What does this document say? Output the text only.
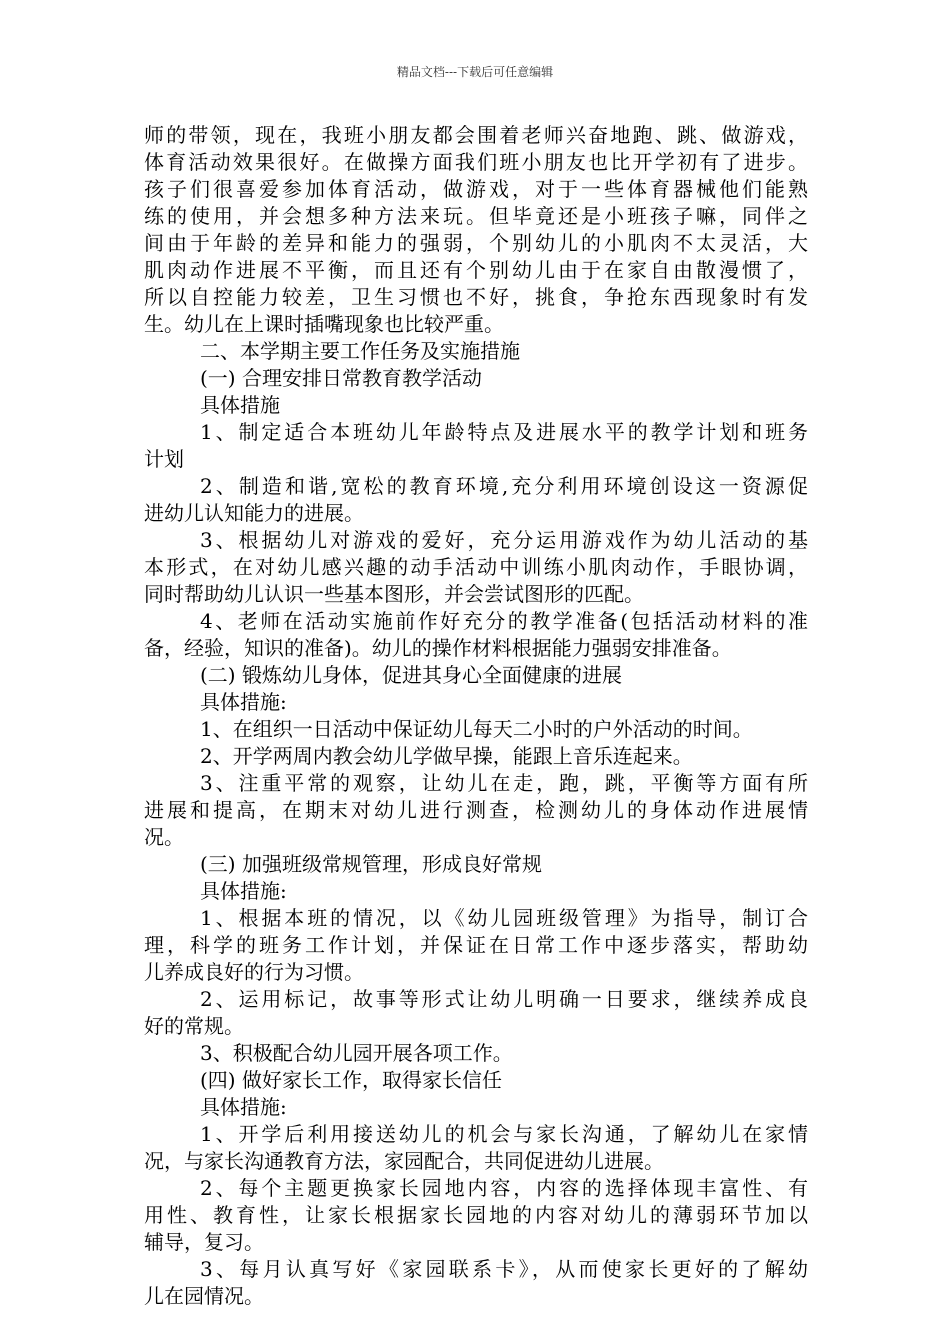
精品文档---下载后可任意编辑
师的带领，现在，我班小朋友都会围着老师兴奋地跑、跳、做游戏，
体育活动效果很好。在做操方面我们班小朋友也比开学初有了进步。
孩子们很喜爱参加体育活动，做游戏，对于一些体育器械他们能熟
练的使用，并会想多种方法来玩。但毕竟还是小班孩子嘛，同伴之
间由于年龄的差异和能力的强弱，个别幼儿的小肌肉不太灵活，大
肌肉动作进展不平衡，而且还有个别幼儿由于在家自由散漫惯了，
所以自控能力较差，卫生习惯也不好，挑食，争抢东西现象时有发
生。幼儿在上课时插嘴现象也比较严重。
二、本学期主要工作任务及实施措施
(一) 合理安排日常教育教学活动
具体措施
1、制定适合本班幼儿年龄特点及进展水平的教学计划和班务
计划
2、制造和谐,宽松的教育环境,充分利用环境创设这一资源促
进幼儿认知能力的进展。
3、根据幼儿对游戏的爱好，充分运用游戏作为幼儿活动的基
本形式，在对幼儿感兴趣的动手活动中训练小肌肉动作，手眼协调，
同时帮助幼儿认识一些基本图形，并会尝试图形的匹配。
4、老师在活动实施前作好充分的教学准备(包括活动材料的准
备，经验，知识的准备)。幼儿的操作材料根据能力强弱安排准备。
(二) 锻炼幼儿身体，促进其身心全面健康的进展
具体措施:
1、在组织一日活动中保证幼儿每天二小时的户外活动的时间。
2、开学两周内教会幼儿学做早操，能跟上音乐连起来。
3、注重平常的观察，让幼儿在走，跑，跳，平衡等方面有所
进展和提高，在期末对幼儿进行测查，检测幼儿的身体动作进展情
况。
(三) 加强班级常规管理，形成良好常规
具体措施:
1、根据本班的情况，以《幼儿园班级管理》为指导，制订合
理，科学的班务工作计划，并保证在日常工作中逐步落实，帮助幼
儿养成良好的行为习惯。
2、运用标记，故事等形式让幼儿明确一日要求，继续养成良
好的常规。
3、积极配合幼儿园开展各项工作。
(四) 做好家长工作，取得家长信任
具体措施:
1、开学后利用接送幼儿的机会与家长沟通，了解幼儿在家情
况，与家长沟通教育方法，家园配合，共同促进幼儿进展。
2、每个主题更换家长园地内容，内容的选择体现丰富性、有
用性、教育性，让家长根据家长园地的内容对幼儿的薄弱环节加以
辅导，复习。
3、每月认真写好《家园联系卡》，从而使家长更好的了解幼
儿在园情况。
